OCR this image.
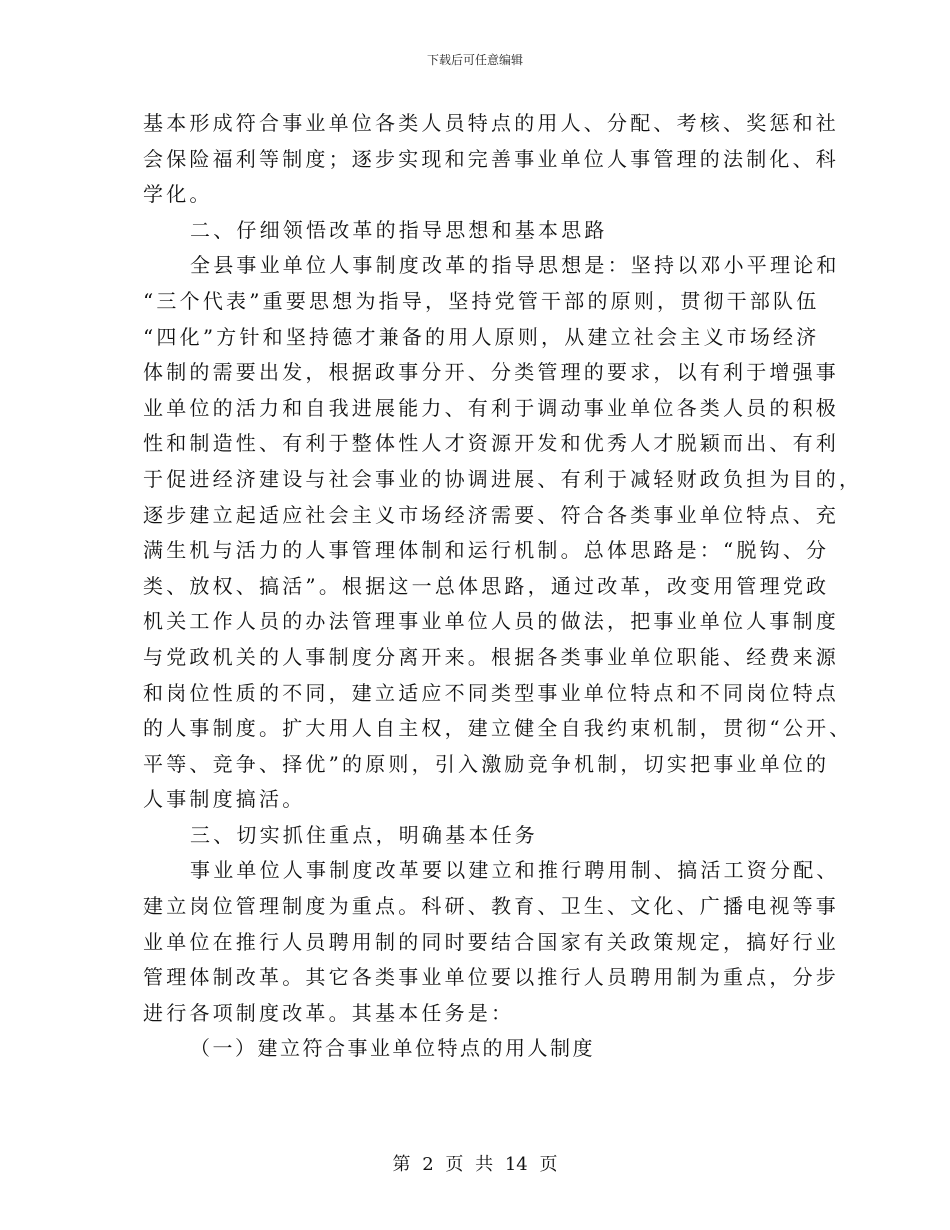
下载后可任意编辑
基本形成符合事业单位各类人员特点的用人、分配、考核、奖惩和社
会保险福利等制度；逐步实现和完善事业单位人事管理的法制化、科
学化。
二、仔细领悟改革的指导思想和基本思路
全县事业单位人事制度改革的指导思想是：坚持以邓小平理论和
“三个代表”重要思想为指导，坚持党管干部的原则，贯彻干部队伍
“四化”方针和坚持德才兼备的用人原则，从建立社会主义市场经济
体制的需要出发，根据政事分开、分类管理的要求，以有利于增强事
业单位的活力和自我进展能力、有利于调动事业单位各类人员的积极
性和制造性、有利于整体性人才资源开发和优秀人才脱颖而出、有利
于促进经济建设与社会事业的协调进展、有利于减轻财政负担为目的，
逐步建立起适应社会主义市场经济需要、符合各类事业单位特点、充
满生机与活力的人事管理体制和运行机制。总体思路是：“脱钩、分
类、放权、搞活”。根据这一总体思路，通过改革，改变用管理党政
机关工作人员的办法管理事业单位人员的做法，把事业单位人事制度
与党政机关的人事制度分离开来。根据各类事业单位职能、经费来源
和岗位性质的不同，建立适应不同类型事业单位特点和不同岗位特点
的人事制度。扩大用人自主权，建立健全自我约束机制，贯彻“公开、
平等、竞争、择优”的原则，引入激励竞争机制，切实把事业单位的
人事制度搞活。
三、切实抓住重点，明确基本任务
事业单位人事制度改革要以建立和推行聘用制、搞活工资分配、
建立岗位管理制度为重点。科研、教育、卫生、文化、广播电视等事
业单位在推行人员聘用制的同时要结合国家有关政策规定，搞好行业
管理体制改革。其它各类事业单位要以推行人员聘用制为重点，分步
进行各项制度改革。其基本任务是：
（一）建立符合事业单位特点的用人制度
第 2 页 共 14 页
